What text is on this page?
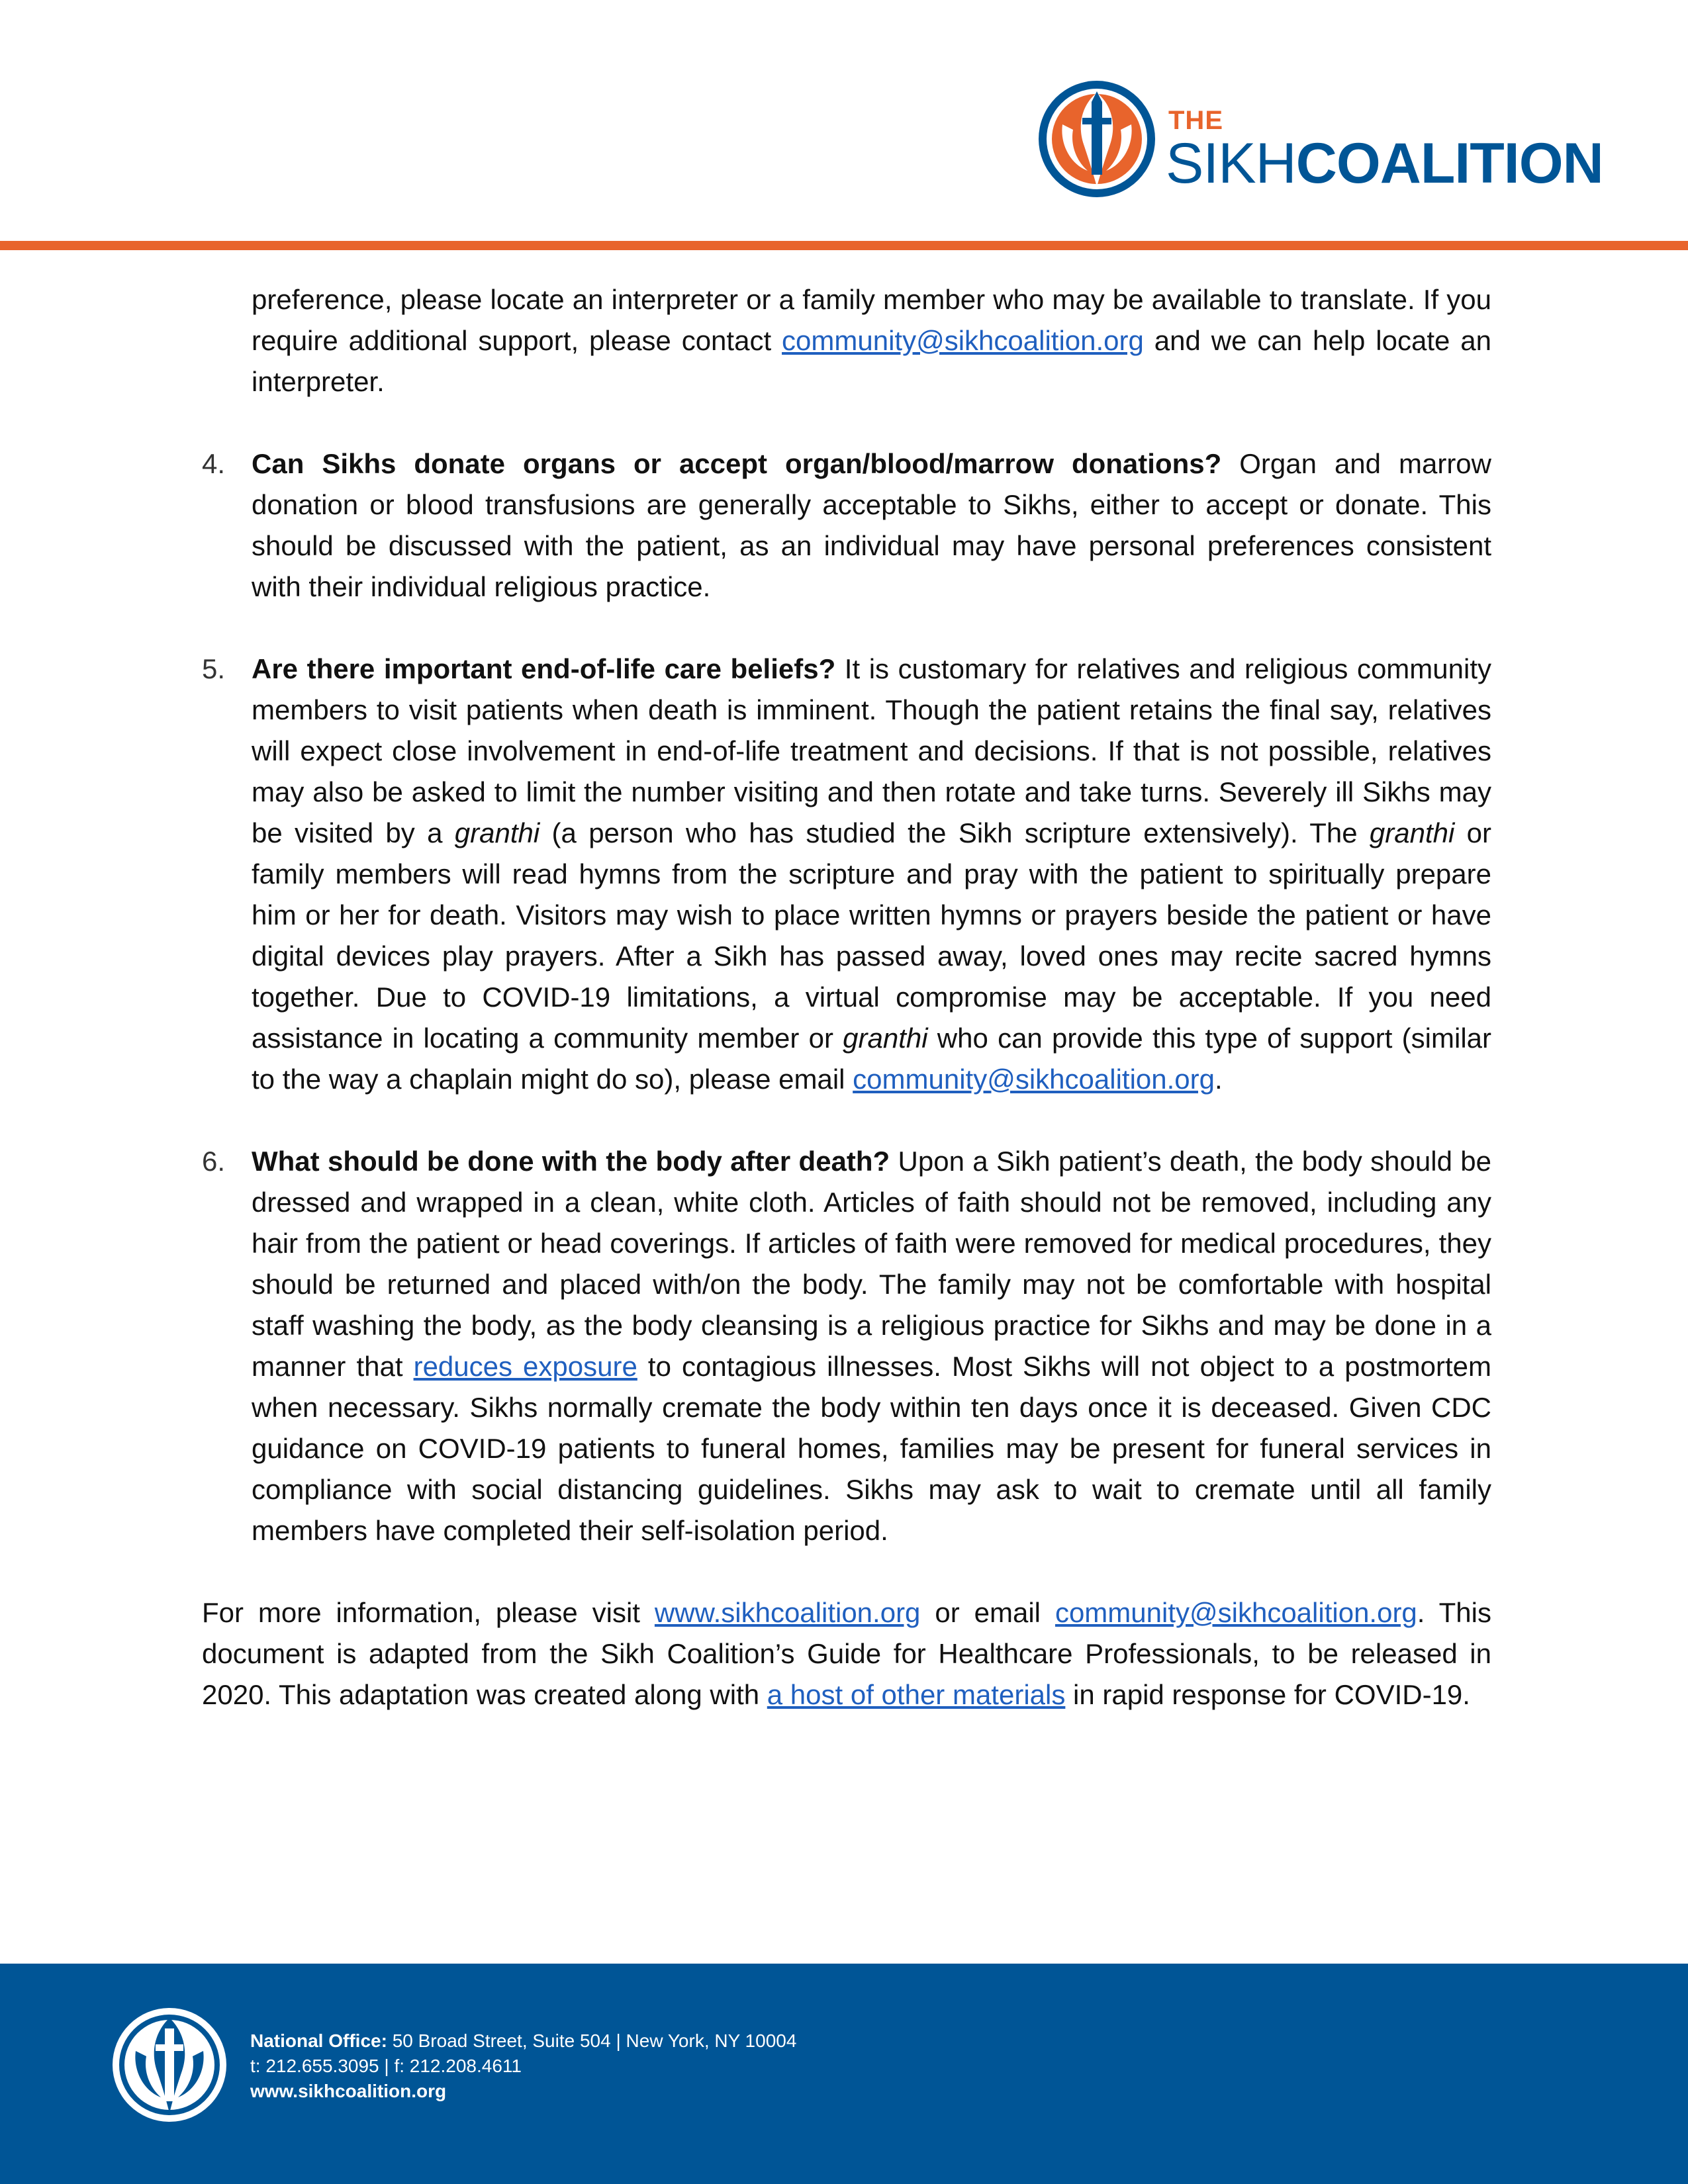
THE
SIKHCOALITION
preference, please locate an interpreter or a family member who may be available to translate. If you require additional support, please contact community@sikhcoalition.org and we can help locate an interpreter.
4. Can Sikhs donate organs or accept organ/blood/marrow donations? Organ and marrow donation or blood transfusions are generally acceptable to Sikhs, either to accept or donate. This should be discussed with the patient, as an individual may have personal preferences consistent with their individual religious practice.
5. Are there important end-of-life care beliefs? It is customary for relatives and religious community members to visit patients when death is imminent. Though the patient retains the final say, relatives will expect close involvement in end-of-life treatment and decisions. If that is not possible, relatives may also be asked to limit the number visiting and then rotate and take turns. Severely ill Sikhs may be visited by a granthi (a person who has studied the Sikh scripture extensively). The granthi or family members will read hymns from the scripture and pray with the patient to spiritually prepare him or her for death. Visitors may wish to place written hymns or prayers beside the patient or have digital devices play prayers. After a Sikh has passed away, loved ones may recite sacred hymns together. Due to COVID-19 limitations, a virtual compromise may be acceptable. If you need assistance in locating a community member or granthi who can provide this type of support (similar to the way a chaplain might do so), please email community@sikhcoalition.org.
6. What should be done with the body after death? Upon a Sikh patient’s death, the body should be dressed and wrapped in a clean, white cloth. Articles of faith should not be removed, including any hair from the patient or head coverings. If articles of faith were removed for medical procedures, they should be returned and placed with/on the body. The family may not be comfortable with hospital staff washing the body, as the body cleansing is a religious practice for Sikhs and may be done in a manner that reduces exposure to contagious illnesses. Most Sikhs will not object to a postmortem when necessary. Sikhs normally cremate the body within ten days once it is deceased. Given CDC guidance on COVID-19 patients to funeral homes, families may be present for funeral services in compliance with social distancing guidelines. Sikhs may ask to wait to cremate until all family members have completed their self-isolation period.

For more information, please visit www.sikhcoalition.org or email community@sikhcoalition.org. This document is adapted from the Sikh Coalition’s Guide for Healthcare Professionals, to be released in 2020. This adaptation was created along with a host of other materials in rapid response for COVID-19.

National Office: 50 Broad Street, Suite 504 | New York, NY 10004
t: 212.655.3095 | f: 212.208.4611
www.sikhcoalition.org
